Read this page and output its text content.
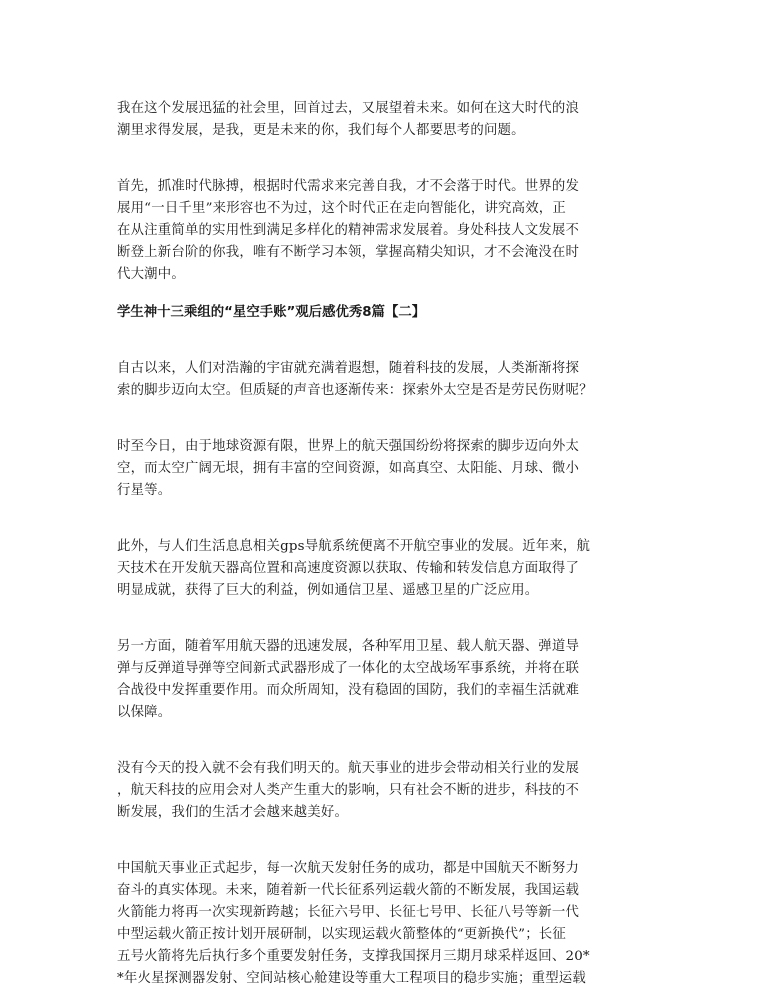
我在这个发展迅猛的社会里，回首过去，又展望着未来。如何在这大时代的浪
潮里求得发展，是我，更是未来的你，我们每个人都要思考的问题。

首先，抓准时代脉搏，根据时代需求来完善自我，才不会落于时代。世界的发
展用“一日千里”来形容也不为过，这个时代正在走向智能化，讲究高效，正
在从注重简单的实用性到满足多样化的精神需求发展着。身处科技人文发展不
断登上新台阶的你我，唯有不断学习本领，掌握高精尖知识，才不会淹没在时
代大潮中。

学生神十三乘组的“星空手账”观后感优秀8篇【二】

自古以来，人们对浩瀚的宇宙就充满着遐想，随着科技的发展，人类渐渐将探
索的脚步迈向太空。但质疑的声音也逐渐传来：探索外太空是否是劳民伤财呢？

时至今日，由于地球资源有限，世界上的航天强国纷纷将探索的脚步迈向外太
空，而太空广阔无垠，拥有丰富的空间资源，如高真空、太阳能、月球、微小
行星等。

此外，与人们生活息息相关gps导航系统便离不开航空事业的发展。近年来，航
天技术在开发航天器高位置和高速度资源以获取、传输和转发信息方面取得了
明显成就，获得了巨大的利益，例如通信卫星、遥感卫星的广泛应用。

另一方面，随着军用航天器的迅速发展，各种军用卫星、载人航天器、弹道导
弹与反弹道导弹等空间新式武器形成了一体化的太空战场军事系统，并将在联
合战役中发挥重要作用。而众所周知，没有稳固的国防，我们的幸福生活就难
以保障。

没有今天的投入就不会有我们明天的。航天事业的进步会带动相关行业的发展
，航天科技的应用会对人类产生重大的影响，只有社会不断的进步，科技的不
断发展，我们的生活才会越来越美好。

中国航天事业正式起步，每一次航天发射任务的成功，都是中国航天不断努力
奋斗的真实体现。未来，随着新一代长征系列运载火箭的不断发展，我国运载
火箭能力将再一次实现新跨越；长征六号甲、长征七号甲、长征八号等新一代
中型运载火箭正按计划开展研制，以实现运载火箭整体的“更新换代”；长征
五号火箭将先后执行多个重要发射任务，支撑我国探月三期月球采样返回、20*
*年火星探测器发射、空间站核心舱建设等重大工程项目的稳步实施；重型运载
